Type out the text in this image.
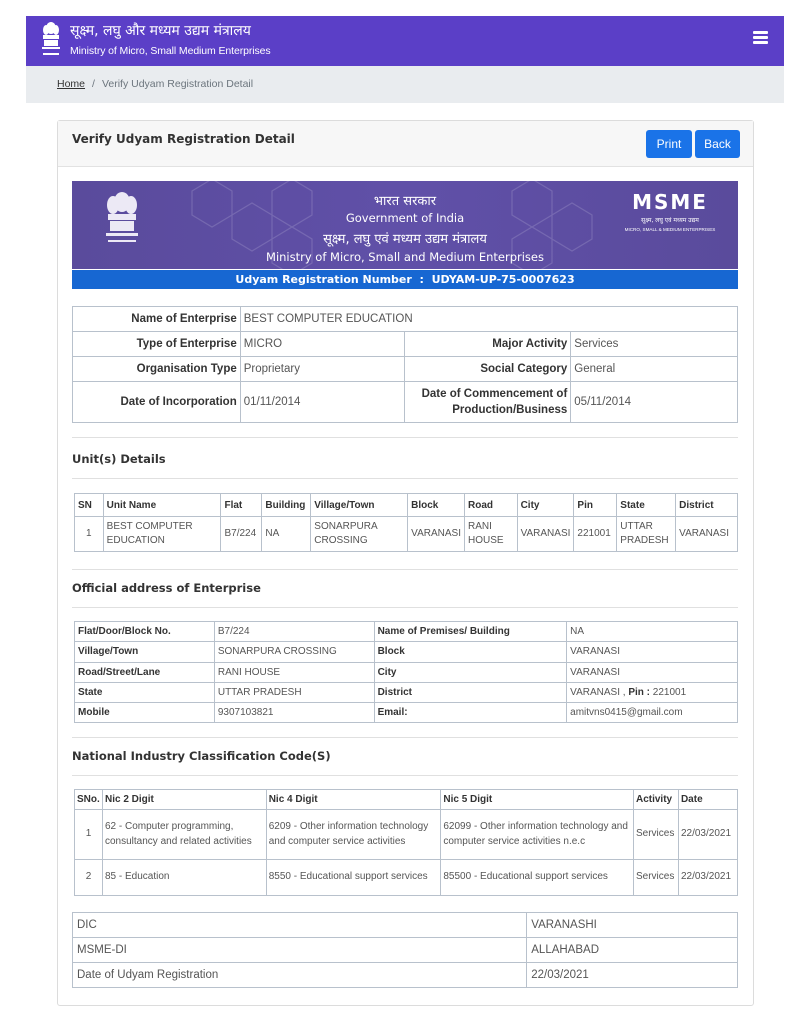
सूक्ष्म, लघु और मध्यम उद्यम मंत्रालय
Ministry of Micro, Small Medium Enterprises
Home / Verify Udyam Registration Detail
Verify Udyam Registration Detail	Print	Back
भारत सरकार
Government of India
सूक्ष्म, लघु एवं मध्यम उद्यम मंत्रालय
Ministry of Micro, Small and Medium Enterprises
MSME
सूक्ष्म, लघु एवं मध्यम उद्यम
MICRO, SMALL & MEDIUM ENTERPRISES
Udyam Registration Number : UDYAM-UP-75-0007623
Name of Enterprise	BEST COMPUTER EDUCATION		
Type of Enterprise	MICRO	Major Activity	Services
Organisation Type	Proprietary	Social Category	General
Date of Incorporation	01/11/2014	Date of Commencement of Production/Business	05/11/2014
Unit(s) Details
SN	Unit Name	Flat	Building	Village/Town	Block	Road	City	Pin	State	District
1	BEST COMPUTER EDUCATION	B7/224	NA	SONARPURA CROSSING	VARANASI	RANI HOUSE	VARANASI	221001	UTTAR PRADESH	VARANASI
Official address of Enterprise
Flat/Door/Block No.	B7/224	Name of Premises/ Building	NA
Village/Town	SONARPURA CROSSING	Block	VARANASI
Road/Street/Lane	RANI HOUSE	City	VARANASI
State	UTTAR PRADESH	District	VARANASI , Pin : 221001
Mobile	9307103821	Email:	amitvns0415@gmail.com
National Industry Classification Code(S)
SNo.	Nic 2 Digit	Nic 4 Digit	Nic 5 Digit	Activity	Date
1	62 - Computer programming, consultancy and related activities	6209 - Other information technology and computer service activities	62099 - Other information technology and computer service activities n.e.c	Services	22/03/2021
2	85 - Education	8550 - Educational support services	85500 - Educational support services	Services	22/03/2021
DIC	VARANASHI
MSME-DI	ALLAHABAD
Date of Udyam Registration	22/03/2021
